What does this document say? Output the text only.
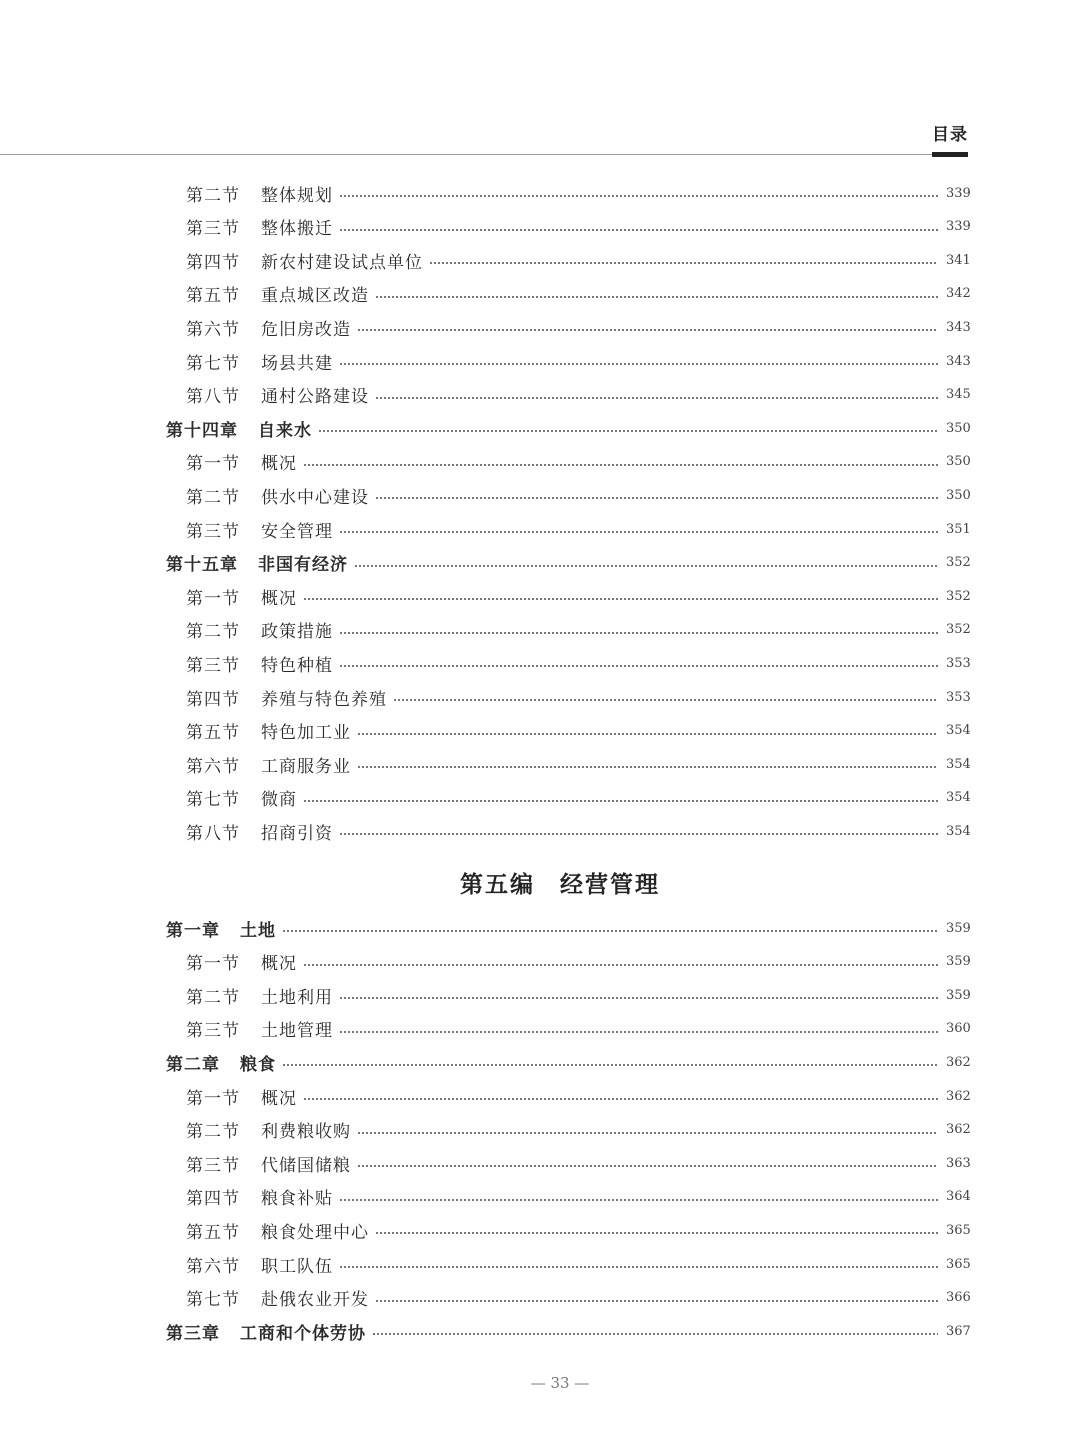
目录
第二节	整体规划	339
第三节	整体搬迁	339
第四节	新农村建设试点单位	341
第五节	重点城区改造	342
第六节	危旧房改造	343
第七节	场县共建	343
第八节	通村公路建设	345
第十四章	自来水	350
第一节	概况	350
第二节	供水中心建设	350
第三节	安全管理	351
第十五章	非国有经济	352
第一节	概况	352
第二节	政策措施	352
第三节	特色种植	353
第四节	养殖与特色养殖	353
第五节	特色加工业	354
第六节	工商服务业	354
第七节	微商	354
第八节	招商引资	354
第五编　经营管理
第一章	土地	359
第一节	概况	359
第二节	土地利用	359
第三节	土地管理	360
第二章	粮食	362
第一节	概况	362
第二节	利费粮收购	362
第三节	代储国储粮	363
第四节	粮食补贴	364
第五节	粮食处理中心	365
第六节	职工队伍	365
第七节	赴俄农业开发	366
第三章	工商和个体劳协	367
— 33 —
